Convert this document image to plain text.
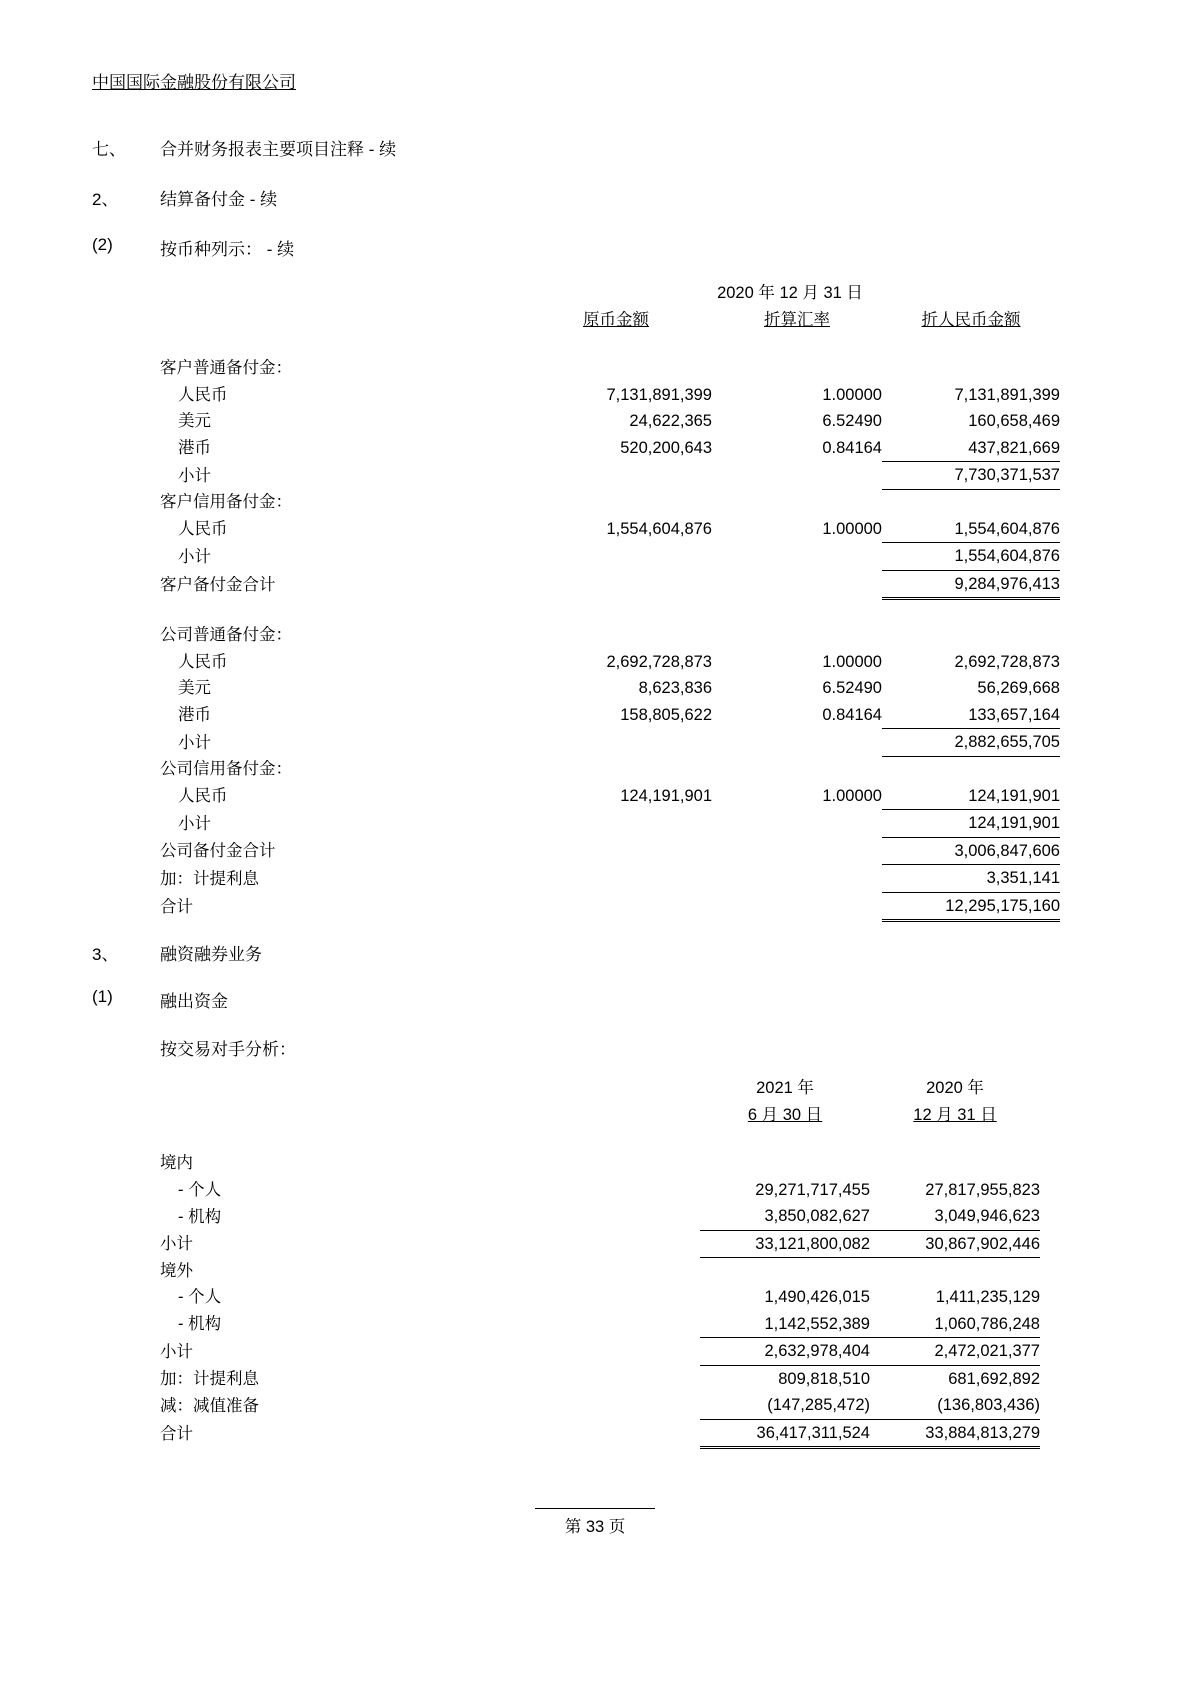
中国国际金融股份有限公司
七、	合并财务报表主要项目注释 - 续
2、	结算备付金 - 续
(2)	按币种列示： - 续
	2020 年 12 月 31 日		
	原币金额	折算汇率	折人民币金额

客户普通备付金：			
人民币	7,131,891,399	1.00000	7,131,891,399
美元	24,622,365	6.52490	160,658,469
港币	520,200,643	0.84164	437,821,669
小计			7,730,371,537
客户信用备付金：			
人民币	1,554,604,876	1.00000	1,554,604,876
小计			1,554,604,876
客户备付金合计			9,284,976,413

公司普通备付金：			
人民币	2,692,728,873	1.00000	2,692,728,873
美元	8,623,836	6.52490	56,269,668
港币	158,805,622	0.84164	133,657,164
小计			2,882,655,705
公司信用备付金：			
人民币	124,191,901	1.00000	124,191,901
小计			124,191,901
公司备付金合计			3,006,847,606
加：计提利息			3,351,141
合计			12,295,175,160
3、	融资融券业务
(1)	融出资金
按交易对手分析：
	2021 年	2020 年
	6 月 30 日	12 月 31 日

境内		
- 个人	29,271,717,455	27,817,955,823
- 机构	3,850,082,627	3,049,946,623
小计	33,121,800,082	30,867,902,446
境外		
- 个人	1,490,426,015	1,411,235,129
- 机构	1,142,552,389	1,060,786,248
小计	2,632,978,404	2,472,021,377
加：计提利息	809,818,510	681,692,892
减：减值准备	(147,285,472)	(136,803,436)
合计	36,417,311,524	33,884,813,279
第 33 页
